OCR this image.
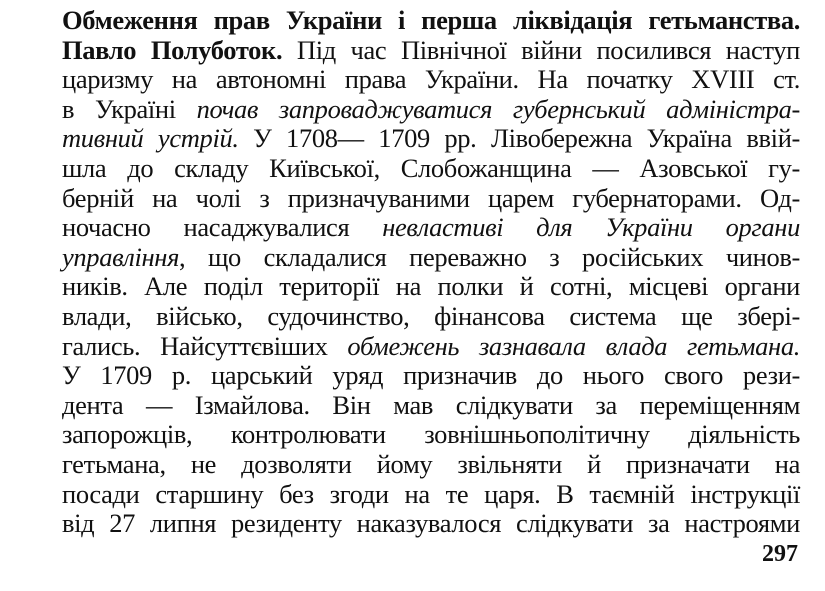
Обмеження прав України і перша ліквідація гетьманства.
Павло Полуботок. Під час Північної війни посилився наступ
царизму на автономні права України. На початку XVIII ст.
в Україні почав запроваджуватися губернський адміністра-
тивний устрій. У 1708— 1709 рр. Лівобережна Україна ввій-
шла до складу Київської, Слобожанщина — Азовської гу-
берній на чолі з призначуваними царем губернаторами. Од-
ночасно насаджувалися невластиві для України органи
управління, що складалися переважно з російських чинов-
ників. Але поділ території на полки й сотні, місцеві органи
влади, військо, судочинство, фінансова система ще зберi-
гались. Найсуттєвіших обмежень зазнавала влада гетьмана.
У 1709 р. царський уряд призначив до нього свого рези-
дента — Ізмайлова. Він мав слідкувати за переміщенням
запорожців, контролювати зовнішньополітичну діяльність
гетьмана, не дозволяти йому звільняти й призначати на
посади старшину без згоди на те царя. В таємній інструкції
від 27 липня резиденту наказувалося слідкувати за настроями
297
